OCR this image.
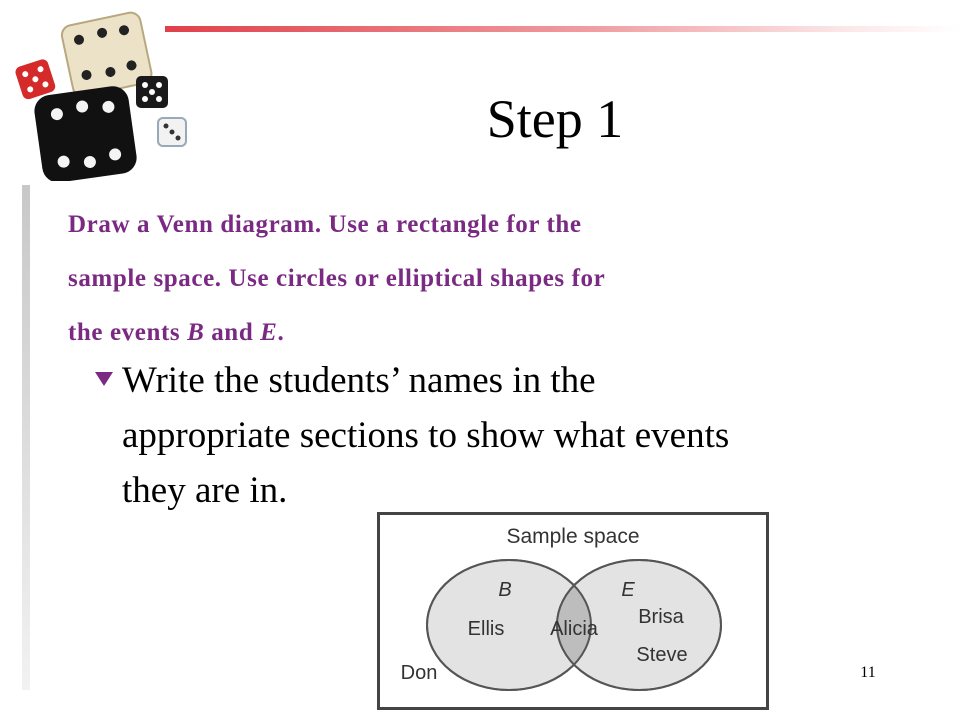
Step 1
Draw a Venn diagram. Use a rectangle for the
sample space. Use circles or elliptical shapes for
the events B and E.
Write the students’ names in the
appropriate sections to show what events
they are in.
Sample space
B	E
Ellis Alicia
Brisa
Steve
Don	11
